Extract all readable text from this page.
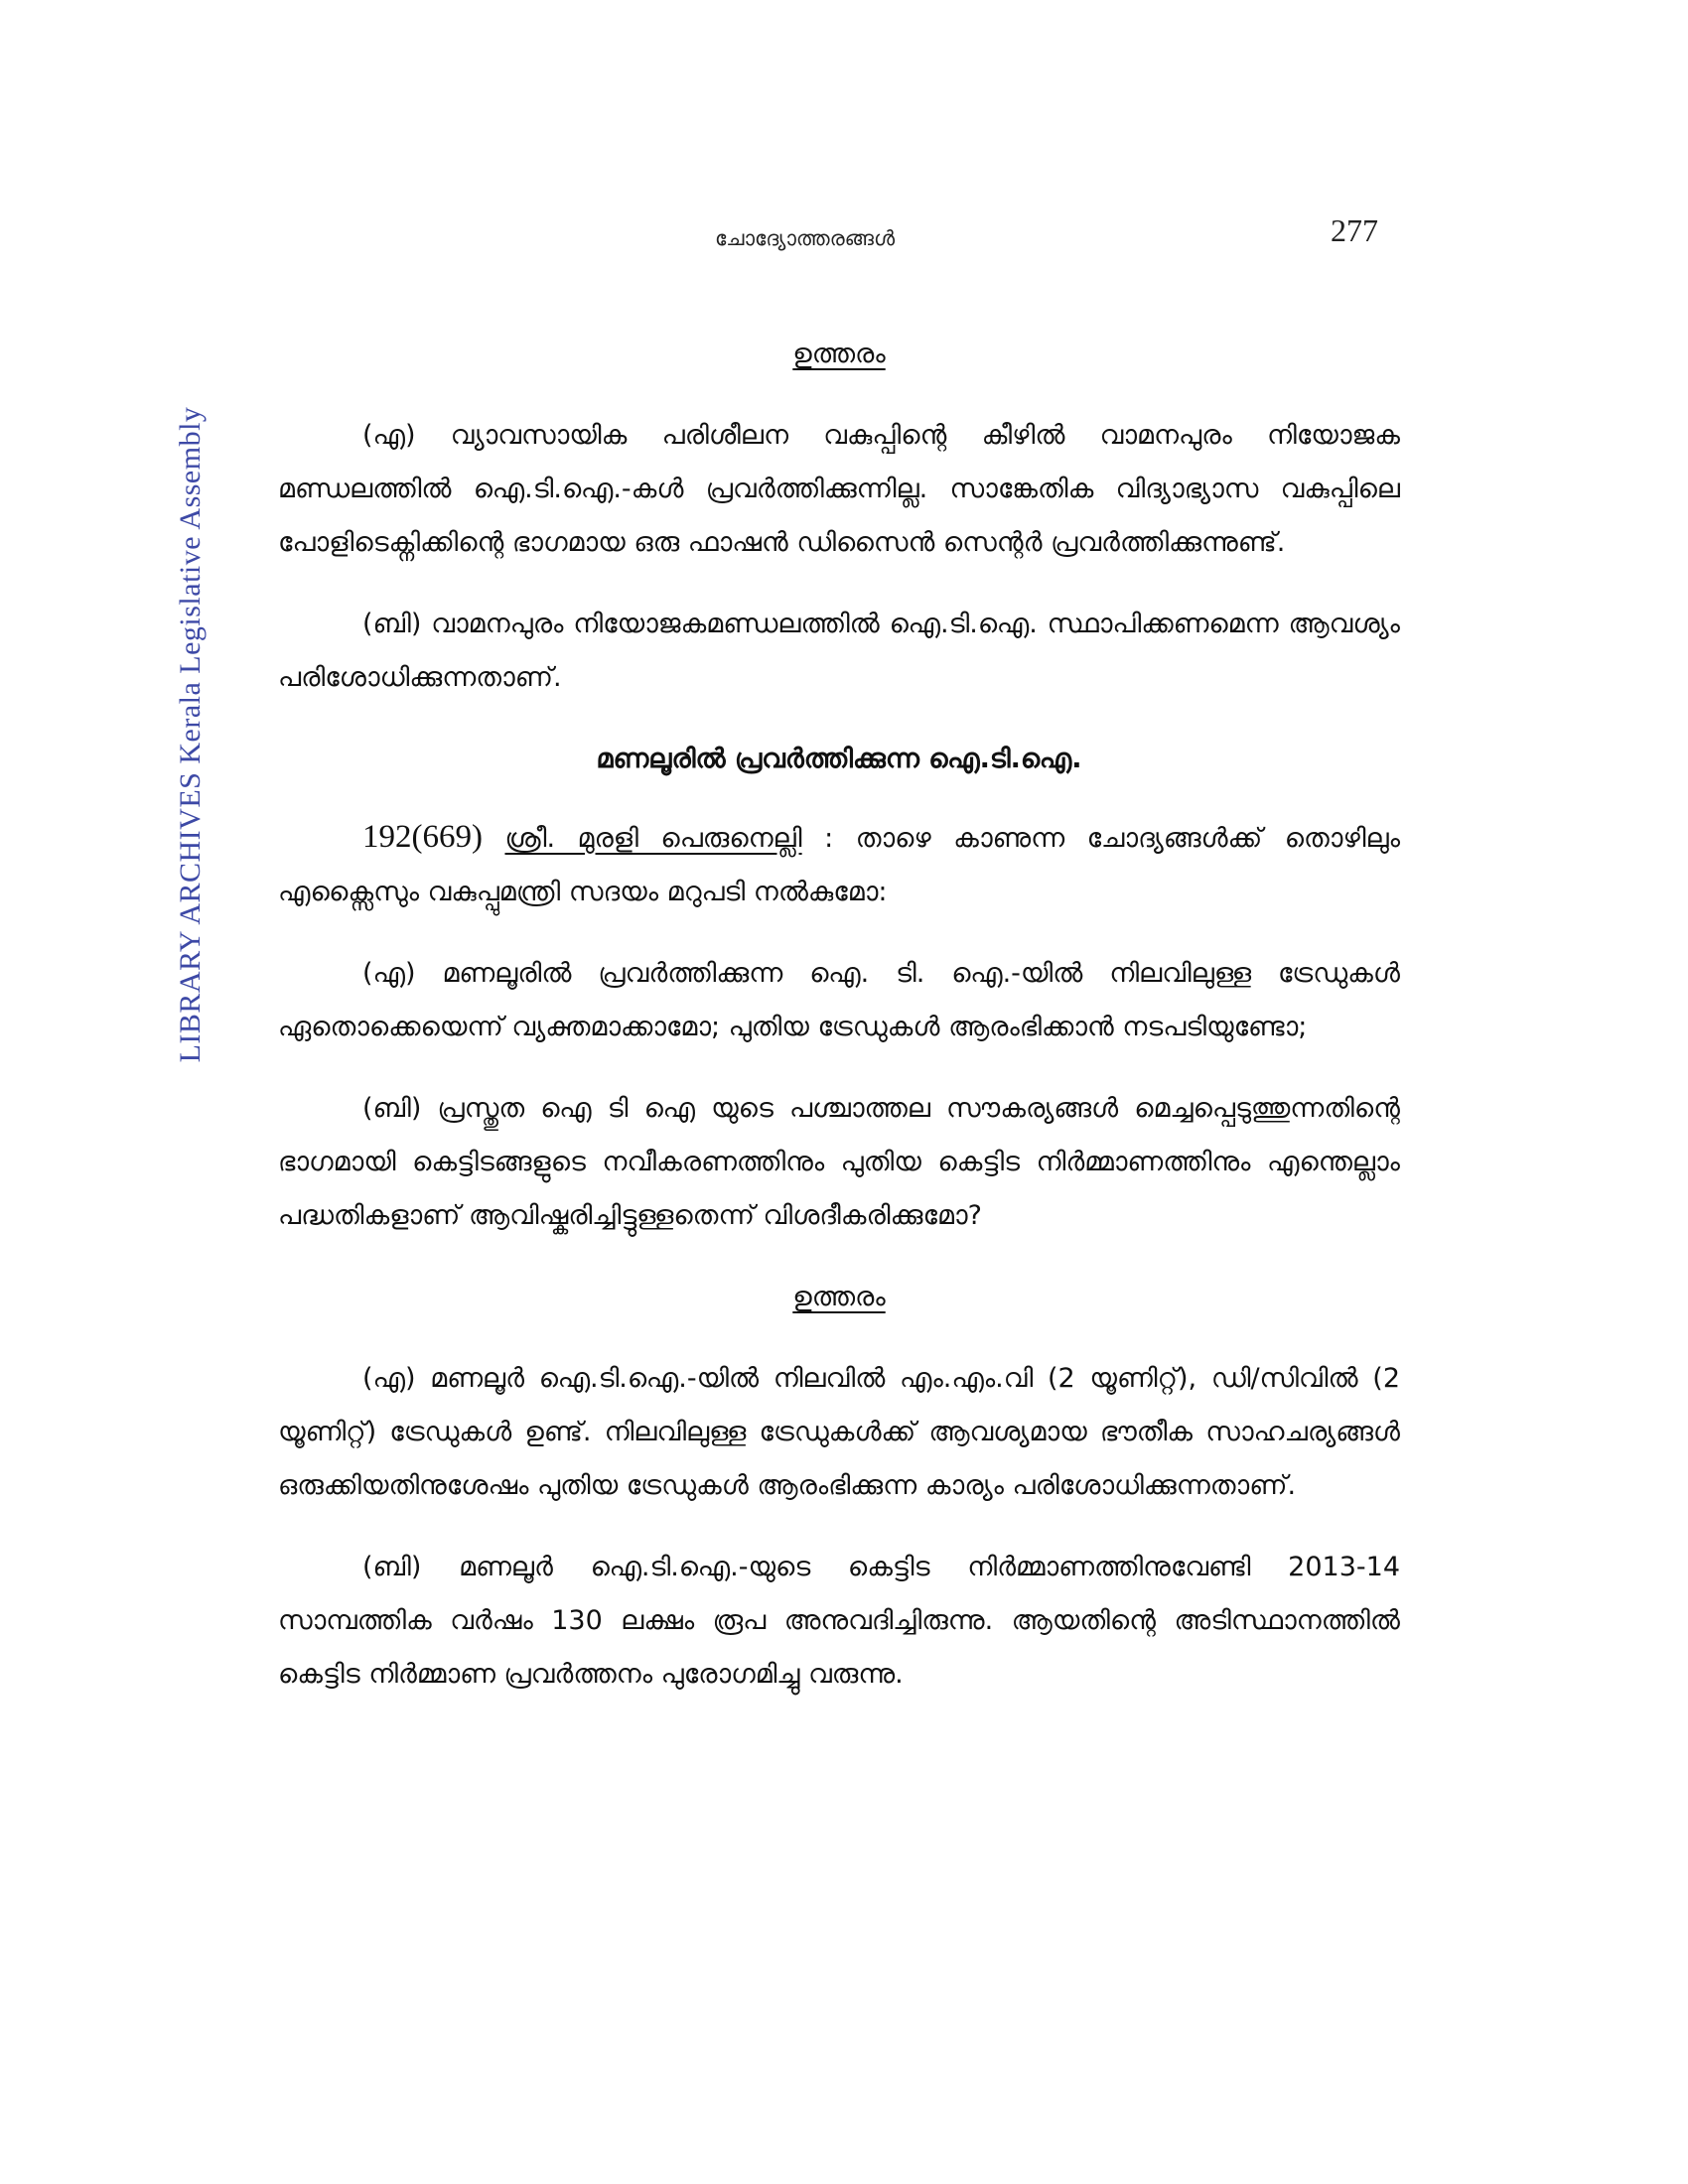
ചോദ്യോത്തരങ്ങൾ	277
LIBRARY ARCHIVES Kerala Legislative Assembly
ഉത്തരം

(എ) വ്യാവസായിക പരിശീലന വകുപ്പിന്റെ കീഴിൽ വാമനപുരം നിയോജക മണ്ഡലത്തിൽ ഐ.ടി.ഐ.-കൾ പ്രവർത്തിക്കുന്നില്ല. സാങ്കേതിക വിദ്യാഭ്യാസ വകുപ്പിലെ പോളിടെക്നിക്കിന്റെ ഭാഗമായ ഒരു ഫാഷൻ ഡിസൈൻ സെന്റർ പ്രവർത്തിക്കുന്നുണ്ട്.

(ബി) വാമനപുരം നിയോജകമണ്ഡലത്തിൽ ഐ.ടി.ഐ. സ്ഥാപിക്കണമെന്ന ആവശ്യം പരിശോധിക്കുന്നതാണ്.

മണലൂരിൽ പ്രവർത്തിക്കുന്ന ഐ.ടി.ഐ.

192(669) ശ്രീ. മുരളി പെരുനെല്ലി : താഴെ കാണുന്ന ചോദ്യങ്ങൾക്ക് തൊഴിലും എക്സൈസും വകുപ്പുമന്ത്രി സദയം മറുപടി നൽകുമോ:

(എ) മണലൂരിൽ പ്രവർത്തിക്കുന്ന ഐ. ടി. ഐ.-യിൽ നിലവിലുള്ള ട്രേഡുകൾ ഏതൊക്കെയെന്ന് വ്യക്തമാക്കാമോ; പുതിയ ട്രേഡുകൾ ആരംഭിക്കാൻ നടപടിയുണ്ടോ;

(ബി) പ്രസ്തുത ഐ ടി ഐ യുടെ പശ്ചാത്തല സൗകര്യങ്ങൾ മെച്ചപ്പെടുത്തുന്നതിന്റെ ഭാഗമായി കെട്ടിടങ്ങളുടെ നവീകരണത്തിനും പുതിയ കെട്ടിട നിർമ്മാണത്തിനും എന്തെല്ലാം പദ്ധതികളാണ് ആവിഷ്കരിച്ചിട്ടുള്ളതെന്ന് വിശദീകരിക്കുമോ?

ഉത്തരം

(എ) മണലൂർ ഐ.ടി.ഐ.-യിൽ നിലവിൽ എം.എം.വി (2 യൂണിറ്റ്), ഡി/സിവിൽ (2 യൂണിറ്റ്) ട്രേഡുകൾ ഉണ്ട്. നിലവിലുള്ള ട്രേഡുകൾക്ക് ആവശ്യമായ ഭൗതീക സാഹചര്യങ്ങൾ ഒരുക്കിയതിനുശേഷം പുതിയ ട്രേഡുകൾ ആരംഭിക്കുന്ന കാര്യം പരിശോധിക്കുന്നതാണ്.

(ബി) മണലൂർ ഐ.ടി.ഐ.-യുടെ കെട്ടിട നിർമ്മാണത്തിനുവേണ്ടി 2013-14 സാമ്പത്തിക വർഷം 130 ലക്ഷം രൂപ അനുവദിച്ചിരുന്നു. ആയതിന്റെ അടിസ്ഥാനത്തിൽ കെട്ടിട നിർമ്മാണ പ്രവർത്തനം പുരോഗമിച്ചു വരുന്നു.
